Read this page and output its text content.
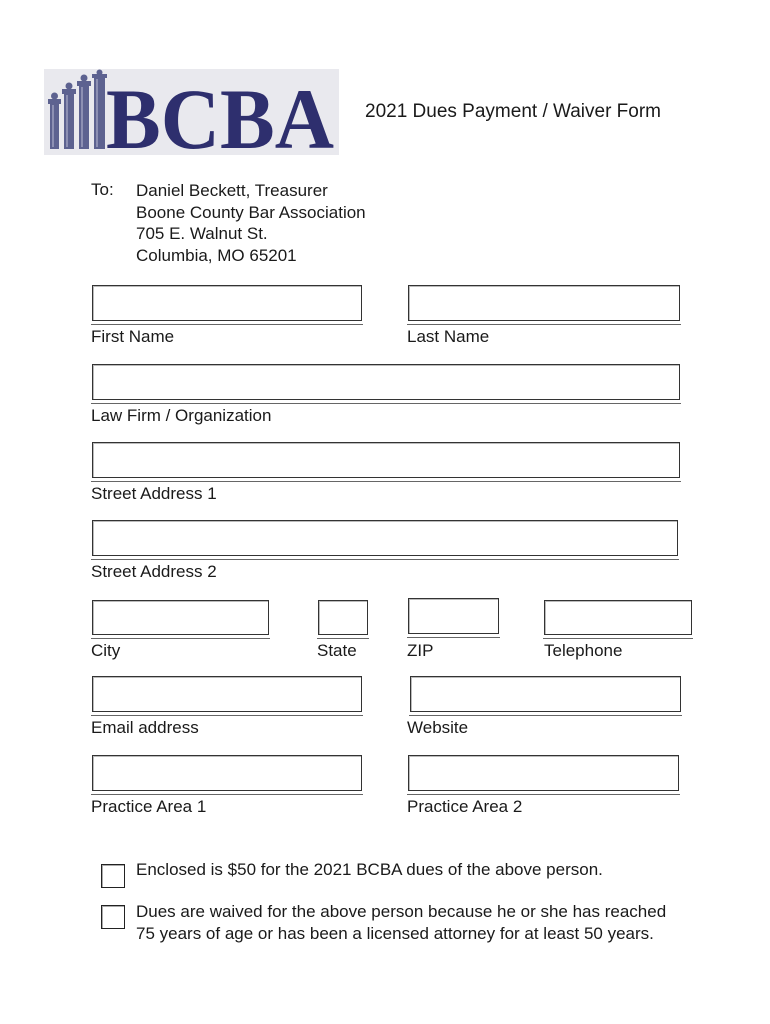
BCBA 2021 Dues Payment / Waiver Form
To: Daniel Beckett, Treasurer
Boone County Bar Association
705 E. Walnut St.
Columbia, MO 65201
First Name	Last Name
Law Firm / Organization
Street Address 1
Street Address 2
City	State	ZIP	Telephone
Email address	Website
Practice Area 1	Practice Area 2
Enclosed is $50 for the 2021 BCBA dues of the above person.
Dues are waived for the above person because he or she has reached
75 years of age or has been a licensed attorney for at least 50 years.
